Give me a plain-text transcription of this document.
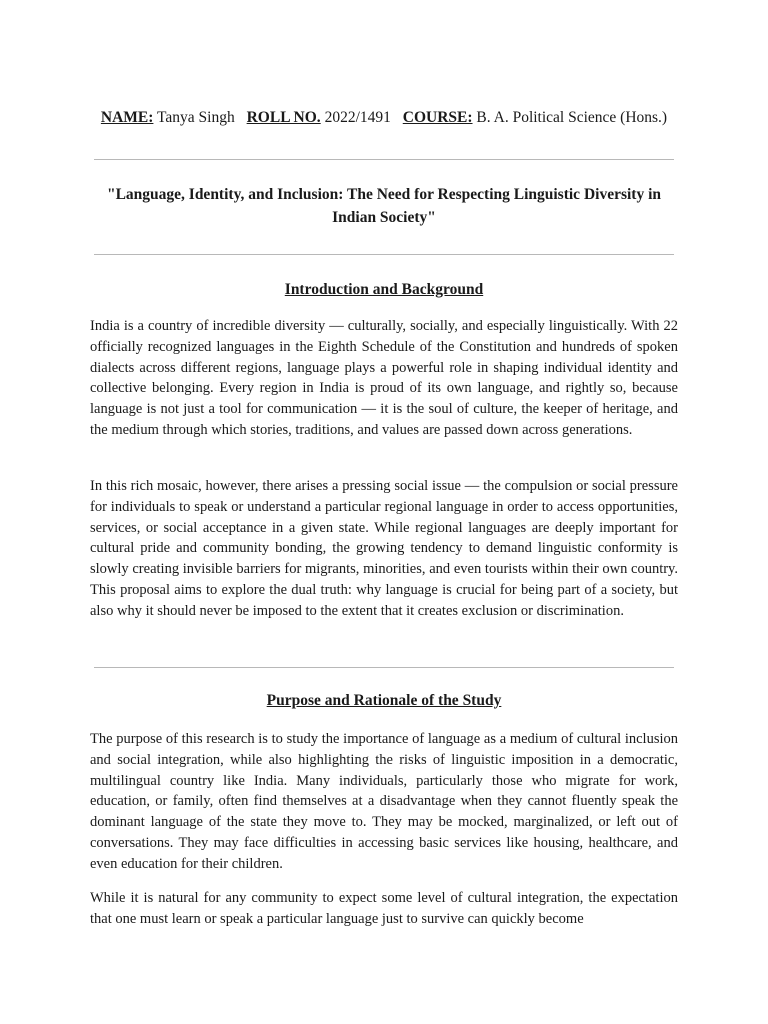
NAME: Tanya Singh ROLL NO. 2022/1491 COURSE: B. A. Political Science (Hons.)
"Language, Identity, and Inclusion: The Need for Respecting Linguistic Diversity in Indian Society"
Introduction and Background

India is a country of incredible diversity — culturally, socially, and especially linguistically. With 22 officially recognized languages in the Eighth Schedule of the Constitution and hundreds of spoken dialects across different regions, language plays a powerful role in shaping individual identity and collective belonging. Every region in India is proud of its own language, and rightly so, because language is not just a tool for communication — it is the soul of culture, the keeper of heritage, and the medium through which stories, traditions, and values are passed down across generations.

In this rich mosaic, however, there arises a pressing social issue — the compulsion or social pressure for individuals to speak or understand a particular regional language in order to access opportunities, services, or social acceptance in a given state. While regional languages are deeply important for cultural pride and community bonding, the growing tendency to demand linguistic conformity is slowly creating invisible barriers for migrants, minorities, and even tourists within their own country. This proposal aims to explore the dual truth: why language is crucial for being part of a society, but also why it should never be imposed to the extent that it creates exclusion or discrimination.

Purpose and Rationale of the Study

The purpose of this research is to study the importance of language as a medium of cultural inclusion and social integration, while also highlighting the risks of linguistic imposition in a democratic, multilingual country like India. Many individuals, particularly those who migrate for work, education, or family, often find themselves at a disadvantage when they cannot fluently speak the dominant language of the state they move to. They may be mocked, marginalized, or left out of conversations. They may face difficulties in accessing basic services like housing, healthcare, and even education for their children.

While it is natural for any community to expect some level of cultural integration, the expectation that one must learn or speak a particular language just to survive can quickly become
